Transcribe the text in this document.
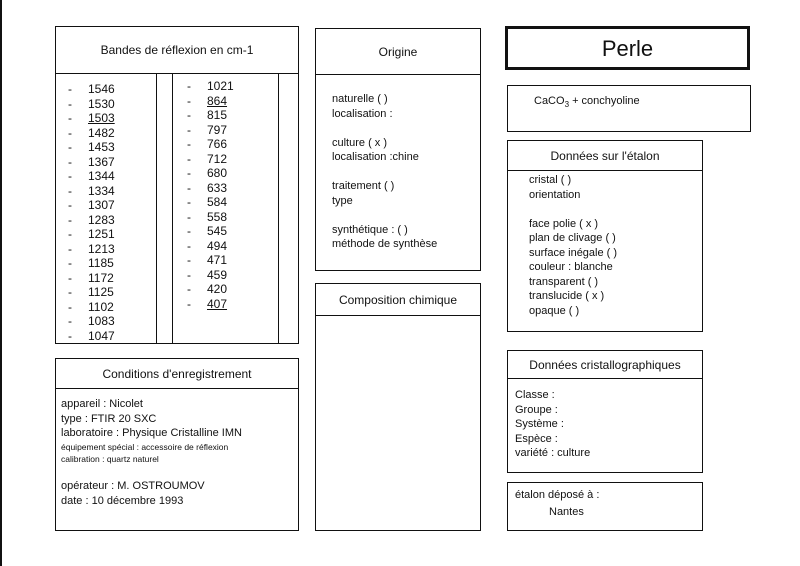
Bandes de réflexion en cm-1
- 1546
- 1530
- 1503
- 1482
- 1453
- 1367
- 1344
- 1334
- 1307
- 1283
- 1251
- 1213
- 1185
- 1172
- 1125
- 1102
- 1083
- 1047
- 1021
- 864
- 815
- 797
- 766
- 712
- 680
- 633
- 584
- 558
- 545
- 494
- 471
- 459
- 420
- 407
Origine
naturelle ( )
localisation :
culture ( x )
localisation :chine
traitement ( )
type
synthétique : ( )
méthode de synthèse
Composition chimique
Perle
CaCO$_3$ + conchyoline
Données sur l'étalon
cristal ( )
orientation
face polie ( x )
plan de clivage ( )
surface inégale ( )
couleur : blanche
transparent ( )
translucide ( x )
opaque ( )
Données cristallographiques
Classe :
Groupe :
Système :
Espèce :
variété : culture
étalon déposé à :
Nantes
Conditions d'enregistrement
appareil : Nicolet
type : FTIR 20 SXC
laboratoire : Physique Cristalline IMN
équipement spécial : accessoire de réflexion
calibration : quartz naturel
opérateur : M. OSTROUMOV
date : 10 décembre 1993
